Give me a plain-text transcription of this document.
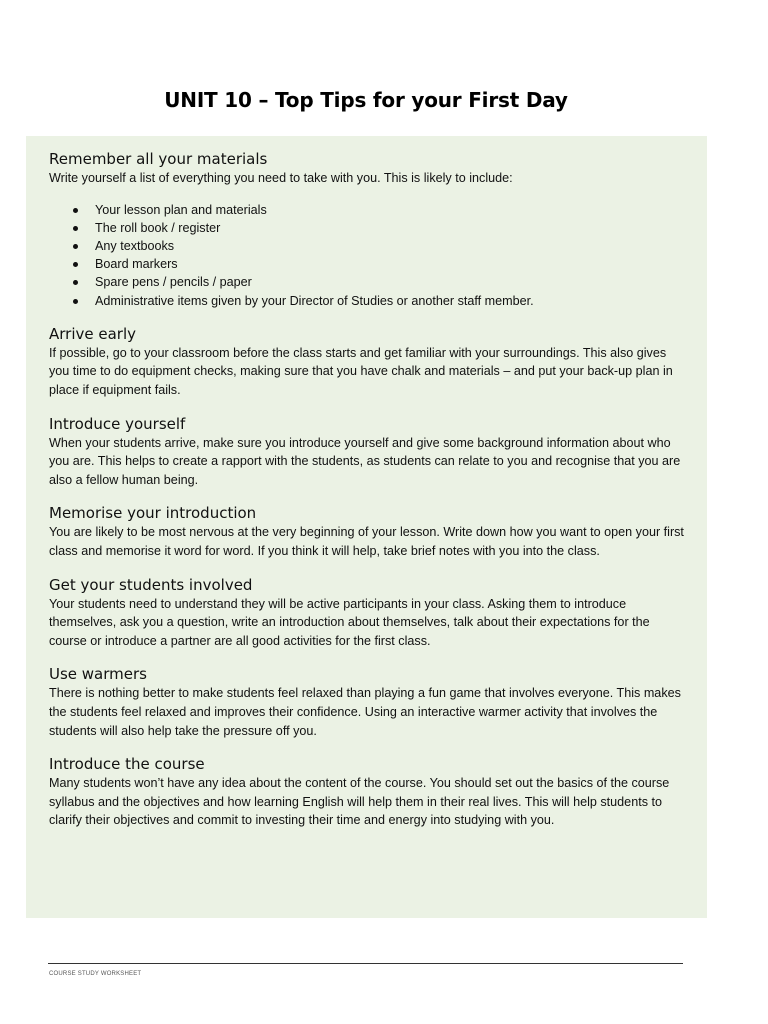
UNIT 10 – Top Tips for your First Day
Remember all your materials
Write yourself a list of everything you need to take with you. This is likely to include:
Your lesson plan and materials
The roll book / register
Any textbooks
Board markers
Spare pens / pencils / paper
Administrative items given by your Director of Studies or another staff member.
Arrive early
If possible, go to your classroom before the class starts and get familiar with your surroundings. This also gives you time to do equipment checks, making sure that you have chalk and materials – and put your back-up plan in place if equipment fails.
Introduce yourself
When your students arrive, make sure you introduce yourself and give some background information about who you are. This helps to create a rapport with the students, as students can relate to you and recognise that you are also a fellow human being.
Memorise your introduction
You are likely to be most nervous at the very beginning of your lesson. Write down how you want to open your first class and memorise it word for word. If you think it will help, take brief notes with you into the class.
Get your students involved
Your students need to understand they will be active participants in your class. Asking them to introduce themselves, ask you a question, write an introduction about themselves, talk about their expectations for the course or introduce a partner are all good activities for the first class.
Use warmers
There is nothing better to make students feel relaxed than playing a fun game that involves everyone. This makes the students feel relaxed and improves their confidence. Using an interactive warmer activity that involves the students will also help take the pressure off you.
Introduce the course
Many students won’t have any idea about the content of the course. You should set out the basics of the course syllabus and the objectives and how learning English will help them in their real lives. This will help students to clarify their objectives and commit to investing their time and energy into studying with you.
COURSE STUDY WORKSHEET
